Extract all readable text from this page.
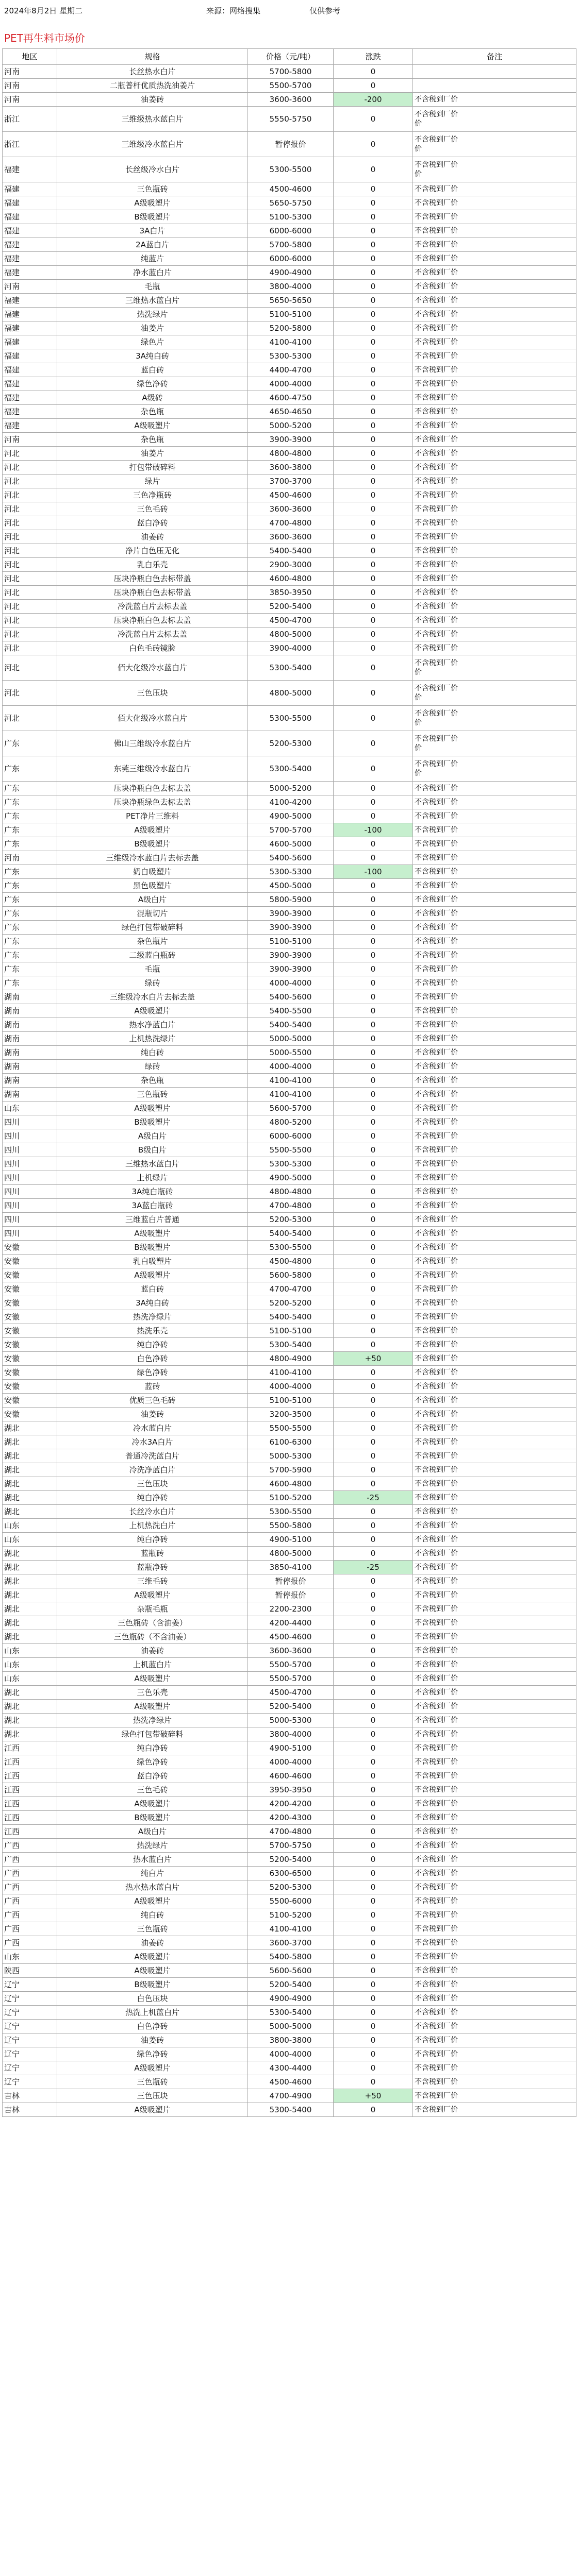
2024年8月2日 星期二	来源：网络搜集	仅供参考
PET再生料市场价
地区	规格	价格（元/吨）	涨跌	备注
河南	长丝热水白片	5700-5800	0	
河南	二瓶普杆优质热洗油姜片	5500-5700	0	
河南	油姜砖	3600-3600	-200	不含税到厂价
浙江	三维级热水蓝白片	5550-5750	0	不含税到厂价
价
浙江	三维级冷水蓝白片	暂停报价	0	不含税到厂价
价
福建	长丝级冷水白片	5300-5500	0	不含税到厂价
价
福建	三色瓶砖	4500-4600	0	不含税到厂价
福建	A级吸塑片	5650-5750	0	不含税到厂价
福建	B级吸塑片	5100-5300	0	不含税到厂价
福建	3A白片	6000-6000	0	不含税到厂价
福建	2A蓝白片	5700-5800	0	不含税到厂价
福建	纯蓝片	6000-6000	0	不含税到厂价
福建	净水蓝白片	4900-4900	0	不含税到厂价
河南	毛瓶	3800-4000	0	不含税到厂价
福建	三维热水蓝白片	5650-5650	0	不含税到厂价
福建	热洗绿片	5100-5100	0	不含税到厂价
福建	油姜片	5200-5800	0	不含税到厂价
福建	绿色片	4100-4100	0	不含税到厂价
福建	3A纯白砖	5300-5300	0	不含税到厂价
福建	蓝白砖	4400-4700	0	不含税到厂价
福建	绿色净砖	4000-4000	0	不含税到厂价
福建	A级砖	4600-4750	0	不含税到厂价
福建	杂色瓶	4650-4650	0	不含税到厂价
福建	A级吸塑片	5000-5200	0	不含税到厂价
河南	杂色瓶	3900-3900	0	不含税到厂价
河北	油姜片	4800-4800	0	不含税到厂价
河北	打包带破碎料	3600-3800	0	不含税到厂价
河北	绿片	3700-3700	0	不含税到厂价
河北	三色净瓶砖	4500-4600	0	不含税到厂价
河北	三色毛砖	3600-3600	0	不含税到厂价
河北	蓝白净砖	4700-4800	0	不含税到厂价
河北	油姜砖	3600-3600	0	不含税到厂价
河北	净片白色压无化	5400-5400	0	不含税到厂价
河北	乳白乐壳	2900-3000	0	不含税到厂价
河北	压块净瓶白色去标带盖	4600-4800	0	不含税到厂价
河北	压块净瓶白色去标带盖	3850-3950	0	不含税到厂价
河北	冷洗蓝白片去标去盖	5200-5400	0	不含税到厂价
河北	压块净瓶白色去标去盖	4500-4700	0	不含税到厂价
河北	冷洗蓝白片去标去盖	4800-5000	0	不含税到厂价
河北	白色毛砖镜脸	3900-4000	0	不含税到厂价
河北	佰大化级冷水蓝白片	5300-5400	0	不含税到厂价
价
河北	三色压块	4800-5000	0	不含税到厂价
价
河北	佰大化级冷水蓝白片	5300-5500	0	不含税到厂价
价
广东	佛山三维级冷水蓝白片	5200-5300	0	不含税到厂价
价
广东	东莞三维级冷水蓝白片	5300-5400	0	不含税到厂价
价
广东	压块净瓶白色去标去盖	5000-5200	0	不含税到厂价
广东	压块净瓶绿色去标去盖	4100-4200	0	不含税到厂价
广东	PET净片三维料	4900-5000	0	不含税到厂价
广东	A级吸塑片	5700-5700	-100	不含税到厂价
广东	B级吸塑片	4600-5000	0	不含税到厂价
河南	三维级冷水蓝白片去标去盖	5400-5600	0	不含税到厂价
广东	奶白吸塑片	5300-5300	-100	不含税到厂价
广东	黑色吸塑片	4500-5000	0	不含税到厂价
广东	A级白片	5800-5900	0	不含税到厂价
广东	混瓶切片	3900-3900	0	不含税到厂价
广东	绿色打包带破碎料	3900-3900	0	不含税到厂价
广东	杂色瓶片	5100-5100	0	不含税到厂价
广东	二级蓝白瓶砖	3900-3900	0	不含税到厂价
广东	毛瓶	3900-3900	0	不含税到厂价
广东	绿砖	4000-4000	0	不含税到厂价
湖南	三维级冷水白片去标去盖	5400-5600	0	不含税到厂价
湖南	A级吸塑片	5400-5500	0	不含税到厂价
湖南	热水净蓝白片	5400-5400	0	不含税到厂价
湖南	上机热洗绿片	5000-5000	0	不含税到厂价
湖南	纯白砖	5000-5500	0	不含税到厂价
湖南	绿砖	4000-4000	0	不含税到厂价
湖南	杂色瓶	4100-4100	0	不含税到厂价
湖南	三色瓶砖	4100-4100	0	不含税到厂价
山东	A级吸塑片	5600-5700	0	不含税到厂价
四川	B级吸塑片	4800-5200	0	不含税到厂价
四川	A级白片	6000-6000	0	不含税到厂价
四川	B级白片	5500-5500	0	不含税到厂价
四川	三维热水蓝白片	5300-5300	0	不含税到厂价
四川	上机绿片	4900-5000	0	不含税到厂价
四川	3A纯白瓶砖	4800-4800	0	不含税到厂价
四川	3A蓝白瓶砖	4700-4800	0	不含税到厂价
四川	三维蓝白片普通	5200-5300	0	不含税到厂价
四川	A级吸塑片	5400-5400	0	不含税到厂价
安徽	B级吸塑片	5300-5500	0	不含税到厂价
安徽	乳白吸塑片	4500-4800	0	不含税到厂价
安徽	A级吸塑片	5600-5800	0	不含税到厂价
安徽	蓝白砖	4700-4700	0	不含税到厂价
安徽	3A纯白砖	5200-5200	0	不含税到厂价
安徽	热洗净绿片	5400-5400	0	不含税到厂价
安徽	热洗乐壳	5100-5100	0	不含税到厂价
安徽	纯白净砖	5300-5400	0	不含税到厂价
安徽	白色净砖	4800-4900	+50	不含税到厂价
安徽	绿色净砖	4100-4100	0	不含税到厂价
安徽	蓝砖	4000-4000	0	不含税到厂价
安徽	优质三色毛砖	5100-5100	0	不含税到厂价
安徽	油姜砖	3200-3500	0	不含税到厂价
湖北	冷水蓝白片	5500-5500	0	不含税到厂价
湖北	冷水3A白片	6100-6300	0	不含税到厂价
湖北	普通冷洗蓝白片	5000-5300	0	不含税到厂价
湖北	冷洗净蓝白片	5700-5900	0	不含税到厂价
湖北	三色压块	4600-4800	0	不含税到厂价
湖北	纯白净砖	5100-5200	-25	不含税到厂价
湖北	长丝冷水白片	5300-5500	0	不含税到厂价
山东	上机热洗白片	5500-5800	0	不含税到厂价
山东	纯白净砖	4900-5100	0	不含税到厂价
湖北	蓝瓶砖	4800-5000	0	不含税到厂价
湖北	蓝瓶净砖	3850-4100	-25	不含税到厂价
湖北	三维毛砖	暂停报价	0	不含税到厂价
湖北	A级吸塑片	暂停报价	0	不含税到厂价
湖北	杂瓶毛瓶	2200-2300	0	不含税到厂价
湖北	三色瓶砖（含油姜）	4200-4400	0	不含税到厂价
湖北	三色瓶砖（不含油姜）	4500-4600	0	不含税到厂价
山东	油姜砖	3600-3600	0	不含税到厂价
山东	上机蓝白片	5500-5700	0	不含税到厂价
山东	A级吸塑片	5500-5700	0	不含税到厂价
湖北	三色乐壳	4500-4700	0	不含税到厂价
湖北	A级吸塑片	5200-5400	0	不含税到厂价
湖北	热洗净绿片	5000-5300	0	不含税到厂价
湖北	绿色打包带破碎料	3800-4000	0	不含税到厂价
江西	纯白净砖	4900-5100	0	不含税到厂价
江西	绿色净砖	4000-4000	0	不含税到厂价
江西	蓝白净砖	4600-4600	0	不含税到厂价
江西	三色毛砖	3950-3950	0	不含税到厂价
江西	A级吸塑片	4200-4200	0	不含税到厂价
江西	B级吸塑片	4200-4300	0	不含税到厂价
江西	A级白片	4700-4800	0	不含税到厂价
广西	热洗绿片	5700-5750	0	不含税到厂价
广西	热水蓝白片	5200-5400	0	不含税到厂价
广西	纯白片	6300-6500	0	不含税到厂价
广西	热水热水蓝白片	5200-5300	0	不含税到厂价
广西	A级吸塑片	5500-6000	0	不含税到厂价
广西	纯白砖	5100-5200	0	不含税到厂价
广西	三色瓶砖	4100-4100	0	不含税到厂价
广西	油姜砖	3600-3700	0	不含税到厂价
山东	A级吸塑片	5400-5800	0	不含税到厂价
陕西	A级吸塑片	5600-5600	0	不含税到厂价
辽宁	B级吸塑片	5200-5400	0	不含税到厂价
辽宁	白色压块	4900-4900	0	不含税到厂价
辽宁	热洗上机蓝白片	5300-5400	0	不含税到厂价
辽宁	白色净砖	5000-5000	0	不含税到厂价
辽宁	油姜砖	3800-3800	0	不含税到厂价
辽宁	绿色净砖	4000-4000	0	不含税到厂价
辽宁	A级吸塑片	4300-4400	0	不含税到厂价
辽宁	三色瓶砖	4500-4600	0	不含税到厂价
吉林	三色压块	4700-4900	+50	不含税到厂价
吉林	A级吸塑片	5300-5400	0	不含税到厂价
